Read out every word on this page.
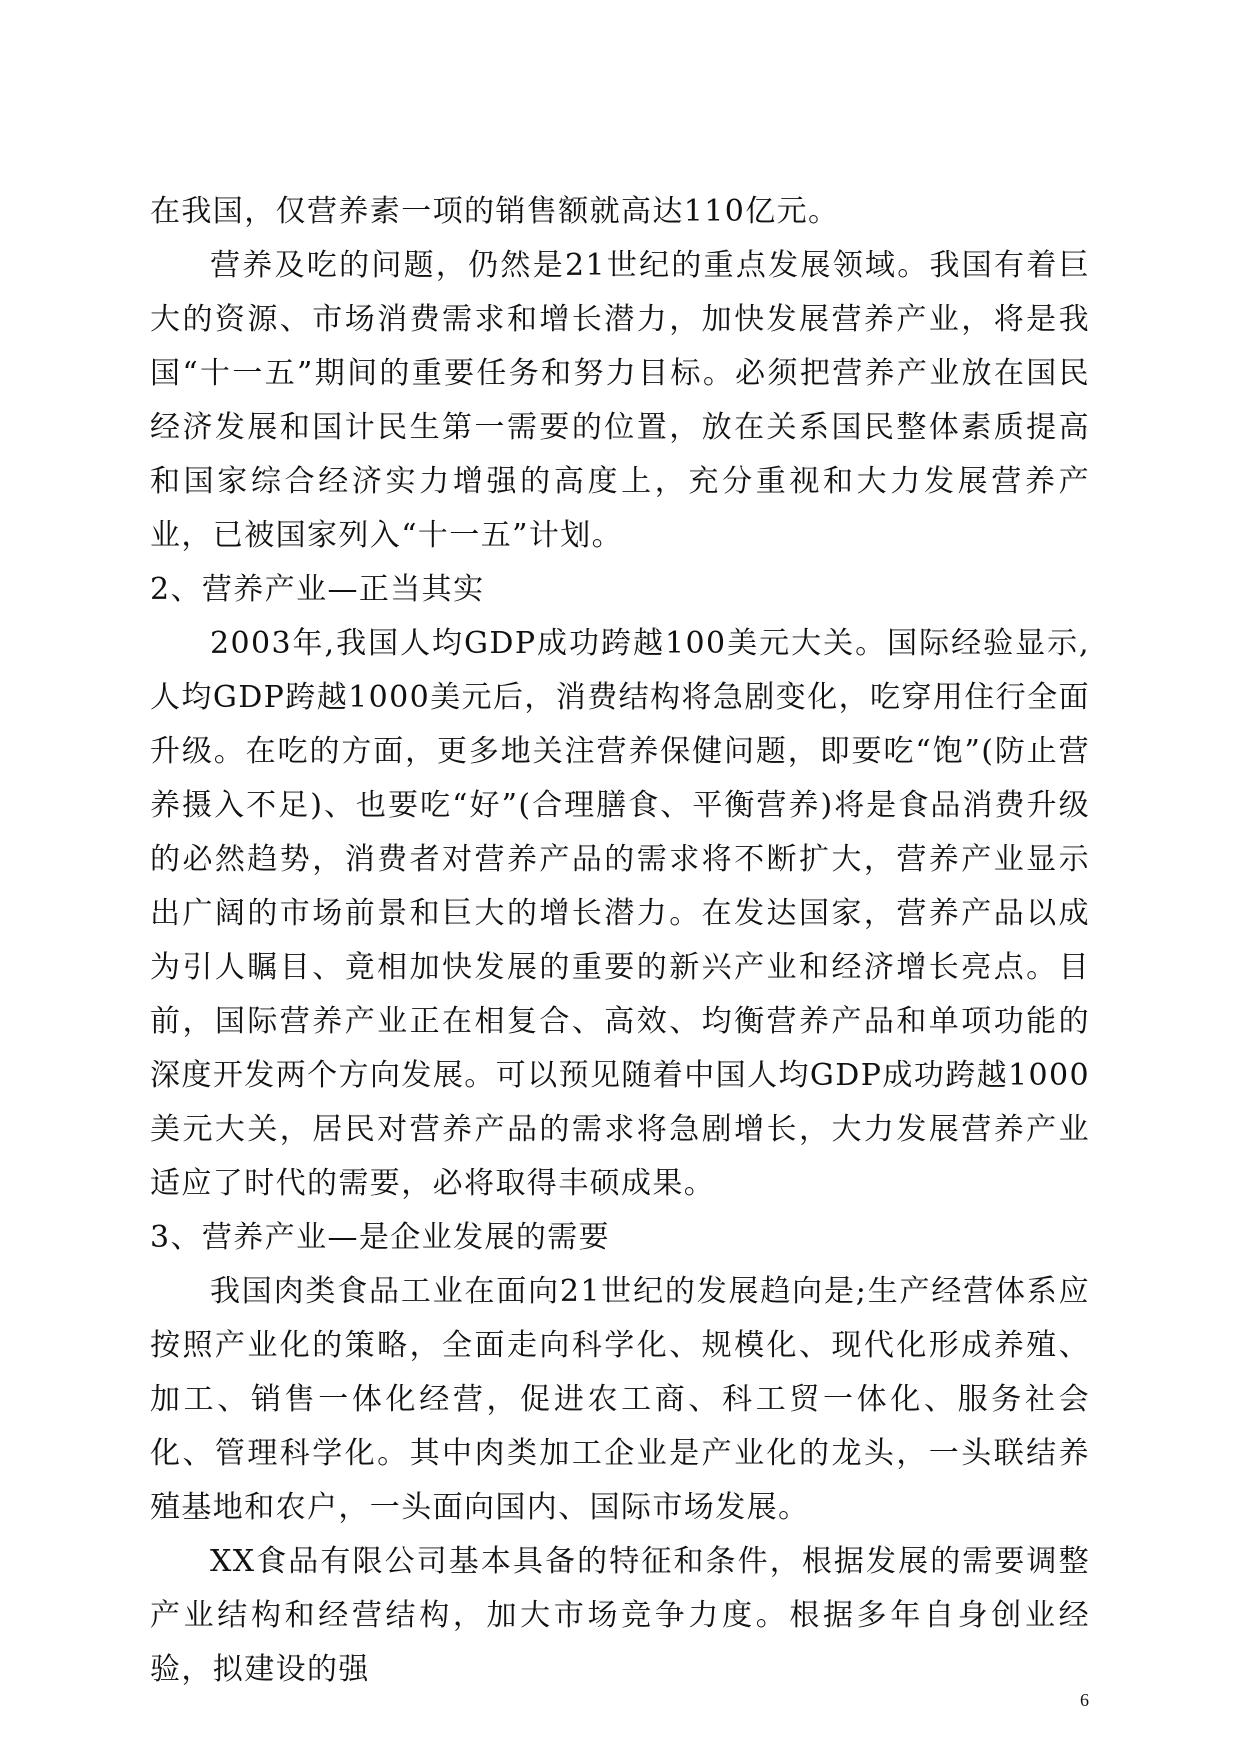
在我国，仅营养素一项的销售额就高达110亿元。

营养及吃的问题，仍然是21世纪的重点发展领域。我国有着巨大的资源、市场消费需求和增长潜力，加快发展营养产业，将是我国“十一五”期间的重要任务和努力目标。必须把营养产业放在国民经济发展和国计民生第一需要的位置，放在关系国民整体素质提高和国家综合经济实力增强的高度上，充分重视和大力发展营养产业，已被国家列入“十一五”计划。

2、营养产业—正当其实

2003年,我国人均GDP成功跨越100美元大关。国际经验显示,人均GDP跨越1000美元后，消费结构将急剧变化，吃穿用住行全面升级。在吃的方面，更多地关注营养保健问题，即要吃“饱”(防止营养摄入不足)、也要吃“好”(合理膳食、平衡营养)将是食品消费升级的必然趋势，消费者对营养产品的需求将不断扩大，营养产业显示出广阔的市场前景和巨大的增长潜力。在发达国家，营养产品以成为引人瞩目、竟相加快发展的重要的新兴产业和经济增长亮点。目前，国际营养产业正在相复合、高效、均衡营养产品和单项功能的深度开发两个方向发展。可以预见随着中国人均GDP成功跨越1000美元大关，居民对营养产品的需求将急剧增长，大力发展营养产业适应了时代的需要，必将取得丰硕成果。

3、营养产业—是企业发展的需要

我国肉类食品工业在面向21世纪的发展趋向是;生产经营体系应按照产业化的策略，全面走向科学化、规模化、现代化形成养殖、加工、销售一体化经营，促进农工商、科工贸一体化、服务社会化、管理科学化。其中肉类加工企业是产业化的龙头，一头联结养殖基地和农户，一头面向国内、国际市场发展。

XX食品有限公司基本具备的特征和条件，根据发展的需要调整产业结构和经营结构，加大市场竞争力度。根据多年自身创业经验，拟建设的强

6
